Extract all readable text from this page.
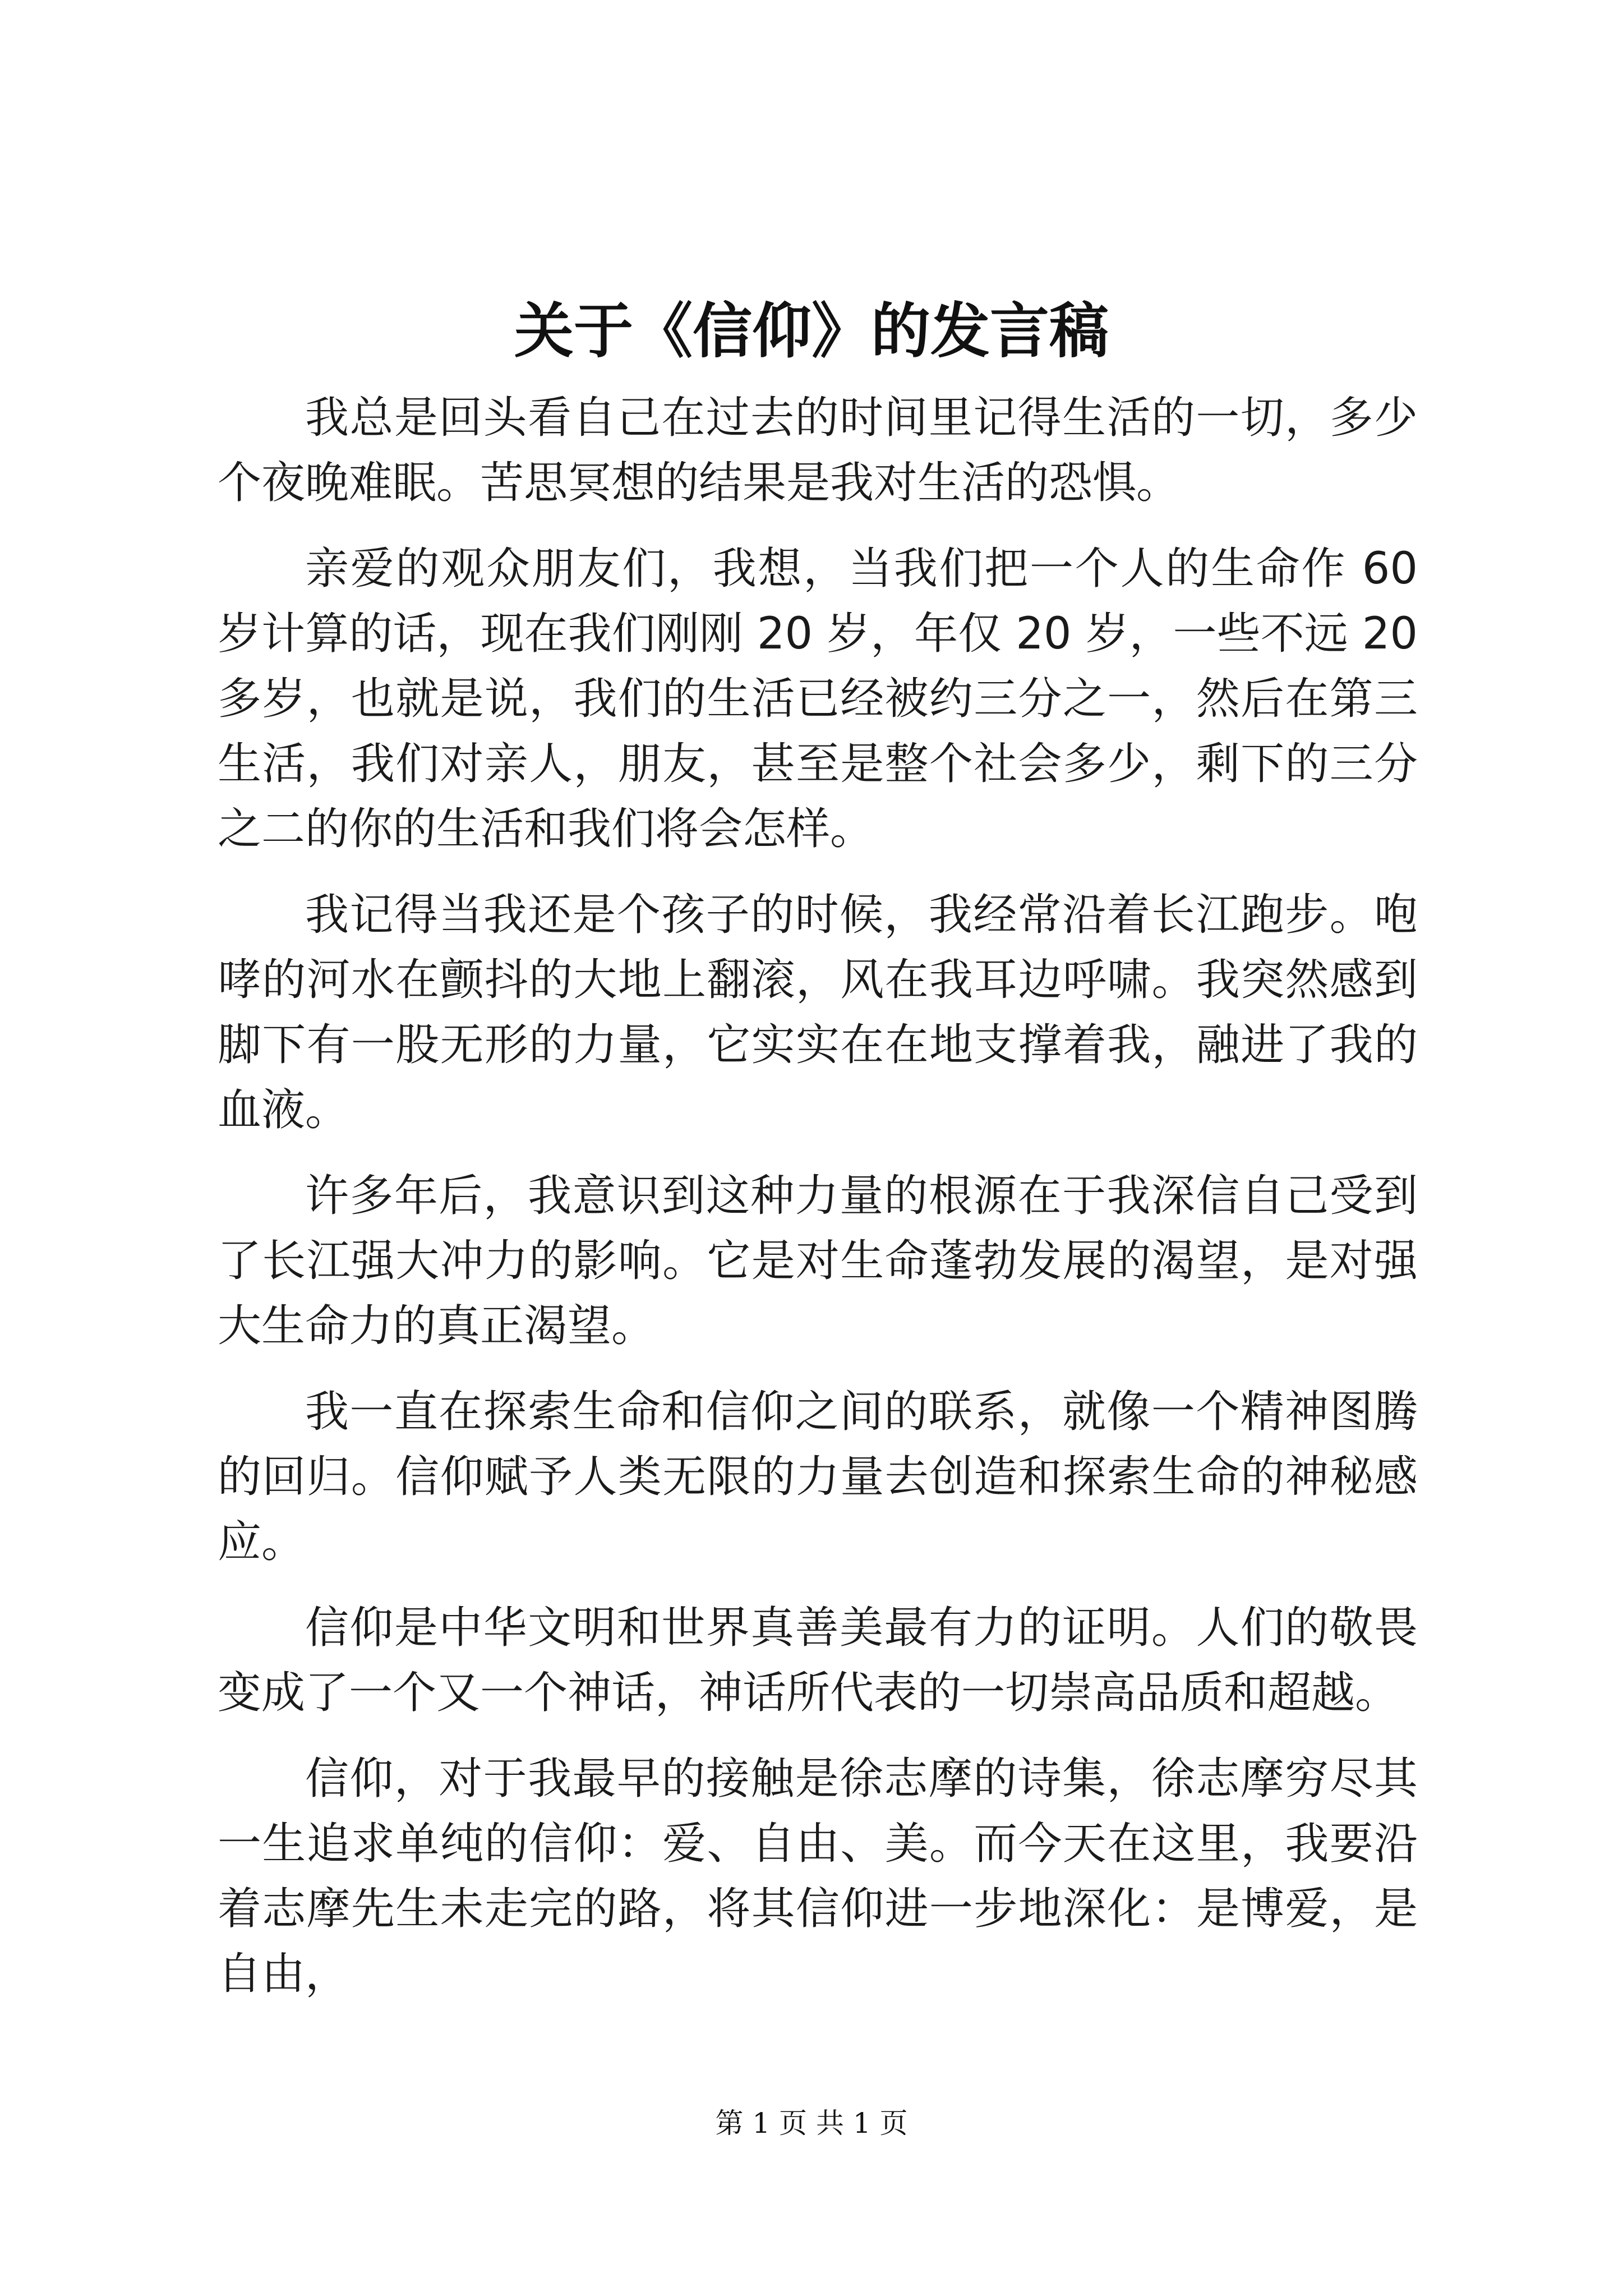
关于《信仰》的发言稿

我总是回头看自己在过去的时间里记得生活的一切，多少个夜晚难眠。苦思冥想的结果是我对生活的恐惧。

亲爱的观众朋友们，我想，当我们把一个人的生命作 60 岁计算的话，现在我们刚刚 20 岁，年仅 20 岁，一些不远 20 多岁，也就是说，我们的生活已经被约三分之一，然后在第三生活，我们对亲人，朋友，甚至是整个社会多少，剩下的三分之二的你的生活和我们将会怎样。

我记得当我还是个孩子的时候，我经常沿着长江跑步。咆哮的河水在颤抖的大地上翻滚，风在我耳边呼啸。我突然感到脚下有一股无形的力量，它实实在在地支撑着我，融进了我的血液。

许多年后，我意识到这种力量的根源在于我深信自己受到了长江强大冲力的影响。它是对生命蓬勃发展的渴望，是对强大生命力的真正渴望。

我一直在探索生命和信仰之间的联系，就像一个精神图腾的回归。信仰赋予人类无限的力量去创造和探索生命的神秘感应。

信仰是中华文明和世界真善美最有力的证明。人们的敬畏变成了一个又一个神话，神话所代表的一切崇高品质和超越。

信仰，对于我最早的接触是徐志摩的诗集，徐志摩穷尽其一生追求单纯的信仰：爱、自由、美。而今天在这里，我要沿着志摩先生未走完的路，将其信仰进一步地深化：是博爱，是自由，

第 1 页 共 1 页
